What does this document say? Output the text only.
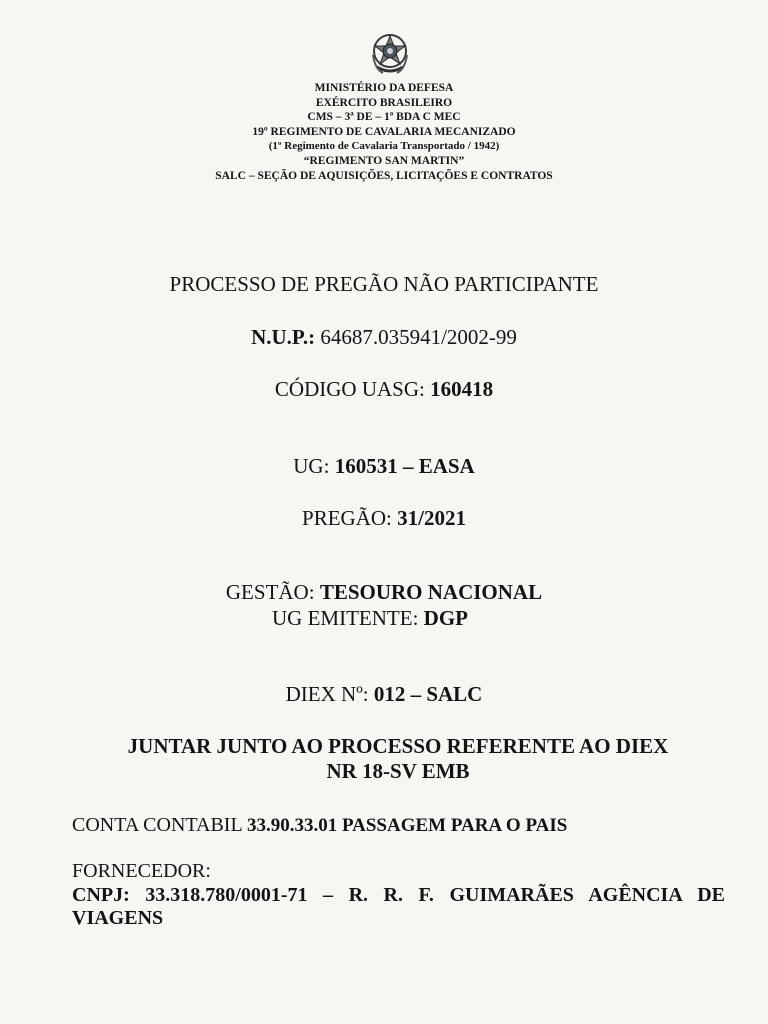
MINISTÉRIO DA DEFESA
EXÉRCITO BRASILEIRO
CMS – 3ª DE – 1ª BDA C MEC
19º REGIMENTO DE CAVALARIA MECANIZADO
(1º Regimento de Cavalaria Transportado / 1942)
“REGIMENTO SAN MARTIN”
SALC – SEÇÃO DE AQUISIÇÕES, LICITAÇÕES E CONTRATOS
PROCESSO DE PREGÃO NÃO PARTICIPANTE
N.U.P.: 64687.035941/2002-99
CÓDIGO UASG: 160418
UG: 160531 – EASA
PREGÃO: 31/2021
GESTÃO: TESOURO NACIONAL
UG EMITENTE: DGP
DIEX Nº: 012 – SALC
JUNTAR JUNTO AO PROCESSO REFERENTE AO DIEX
NR 18-SV EMB
CONTA CONTABIL 33.90.33.01 PASSAGEM PARA O PAIS
FORNECEDOR:
CNPJ: 33.318.780/0001-71 – R. R. F. GUIMARÃES AGÊNCIA DE
VIAGENS
